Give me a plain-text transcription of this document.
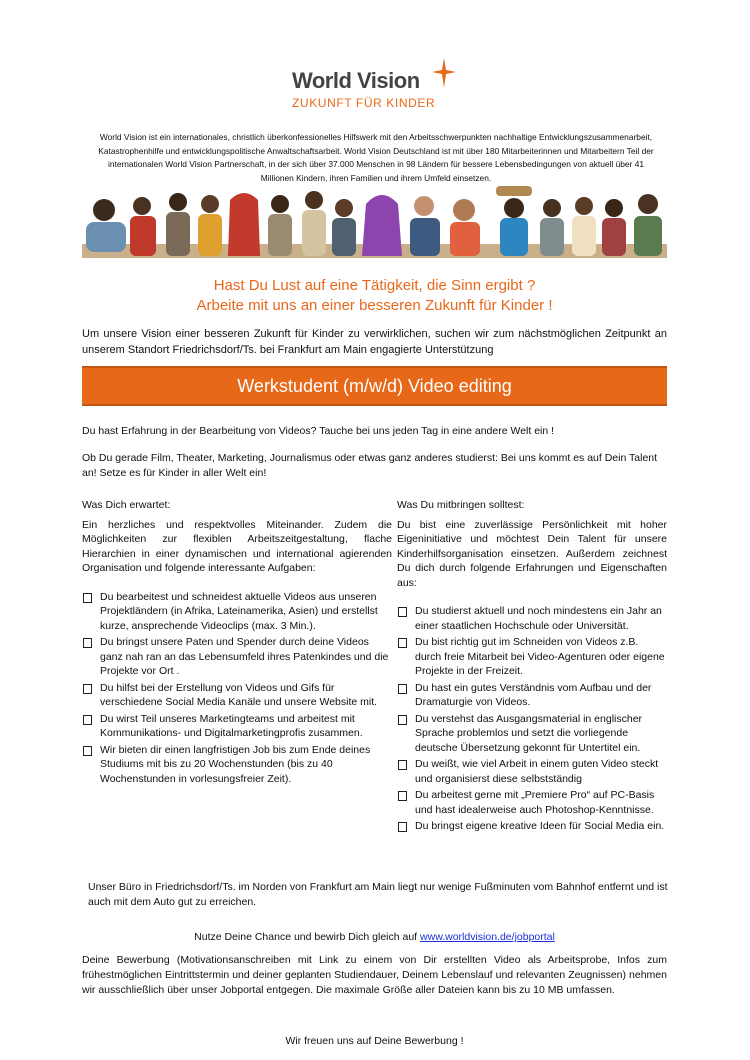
World Vision
ZUKUNFT FÜR KINDER

World Vision ist ein internationales, christlich überkonfessionelles Hilfswerk mit den Arbeitsschwerpunkten nachhaltige Entwicklungszusammenarbeit, Katastrophenhilfe und entwicklungspolitische Anwaltschaftsarbeit. World Vision Deutschland ist mit über 180 Mitarbeiterinnen und Mitarbeitern Teil der internationalen World Vision Partnerschaft, in der sich über 37.000 Menschen in 98 Ländern für bessere Lebensbedingungen von aktuell über 41 Millionen Kindern, ihren Familien und ihrem Umfeld einsetzen.

Hast Du Lust auf eine Tätigkeit, die Sinn ergibt ?
Arbeite mit uns an einer besseren Zukunft für Kinder !

Um unsere Vision einer besseren Zukunft für Kinder zu verwirklichen, suchen wir zum nächstmöglichen Zeitpunkt an unserem Standort Friedrichsdorf/Ts. bei Frankfurt am Main engagierte Unterstützung

Werkstudent (m/w/d) Video editing

Du hast Erfahrung in der Bearbeitung von Videos? Tauche bei uns jeden Tag in eine andere Welt ein !

Ob Du gerade Film, Theater, Marketing, Journalismus oder etwas ganz anderes studierst: Bei uns kommt es auf Dein Talent an! Setze es für Kinder in aller Welt ein!

Was Dich erwartet:

Ein herzliches und respektvolles Miteinander. Zudem die Möglichkeiten zur flexiblen Arbeitszeitgestaltung, flache Hierarchien in einer dynamischen und international agierenden Organisation und folgende interessante Aufgaben:

Du bearbeitest und schneidest aktuelle Videos aus unseren Projektländern (in Afrika, Lateinamerika, Asien) und erstellst kurze, ansprechende Videoclips (max. 3 Min.).
Du bringst unsere Paten und Spender durch deine Videos ganz nah ran an das Lebensumfeld ihres Patenkindes und die Projekte vor Ort .
Du hilfst bei der Erstellung von Videos und Gifs für verschiedene Social Media Kanäle und unsere Website mit.
Du wirst Teil unseres Marketingteams und arbeitest mit Kommunikations- und Digitalmarketingprofis zusammen.
Wir bieten dir einen langfristigen Job bis zum Ende deines Studiums mit bis zu 20 Wochenstunden (bis zu 40 Wochenstunden in vorlesungsfreier Zeit).
Was Du mitbringen solltest:

Du bist eine zuverlässige Persönlichkeit mit hoher Eigeninitiative und möchtest Dein Talent für unsere Kinderhilfsorganisation einsetzen. Außerdem zeichnest Du dich durch folgende Erfahrungen und Eigenschaften aus:

Du studierst aktuell und noch mindestens ein Jahr an einer staatlichen Hochschule oder Universität.
Du bist richtig gut im Schneiden von Videos z.B. durch freie Mitarbeit bei Video-Agenturen oder eigene Projekte in der Freizeit.
Du hast ein gutes Verständnis vom Aufbau und der Dramaturgie von Videos.
Du verstehst das Ausgangsmaterial in englischer Sprache problemlos und setzt die vorliegende deutsche Übersetzung gekonnt für Untertitel ein.
Du weißt, wie viel Arbeit in einem guten Video steckt und organisierst diese selbstständig
Du arbeitest gerne mit „Premiere Pro“ auf PC-Basis und hast idealerweise auch Photoshop-Kenntnisse.
Du bringst eigene kreative Ideen für Social Media ein.

Unser Büro in Friedrichsdorf/Ts. im Norden von Frankfurt am Main liegt nur wenige Fußminuten vom Bahnhof entfernt und ist auch mit dem Auto gut zu erreichen.

Nutze Deine Chance und bewirb Dich gleich auf www.worldvision.de/jobportal

Deine Bewerbung (Motivationsanschreiben mit Link zu einem von Dir erstellten Video als Arbeitsprobe, Infos zum frühestmöglichen Eintrittstermin und deiner geplanten Studiendauer, Deinem Lebenslauf und relevanten Zeugnissen) nehmen wir ausschließlich über unser Jobportal entgegen. Die maximale Größe aller Dateien kann bis zu 10 MB umfassen.

Wir freuen uns auf Deine Bewerbung !
